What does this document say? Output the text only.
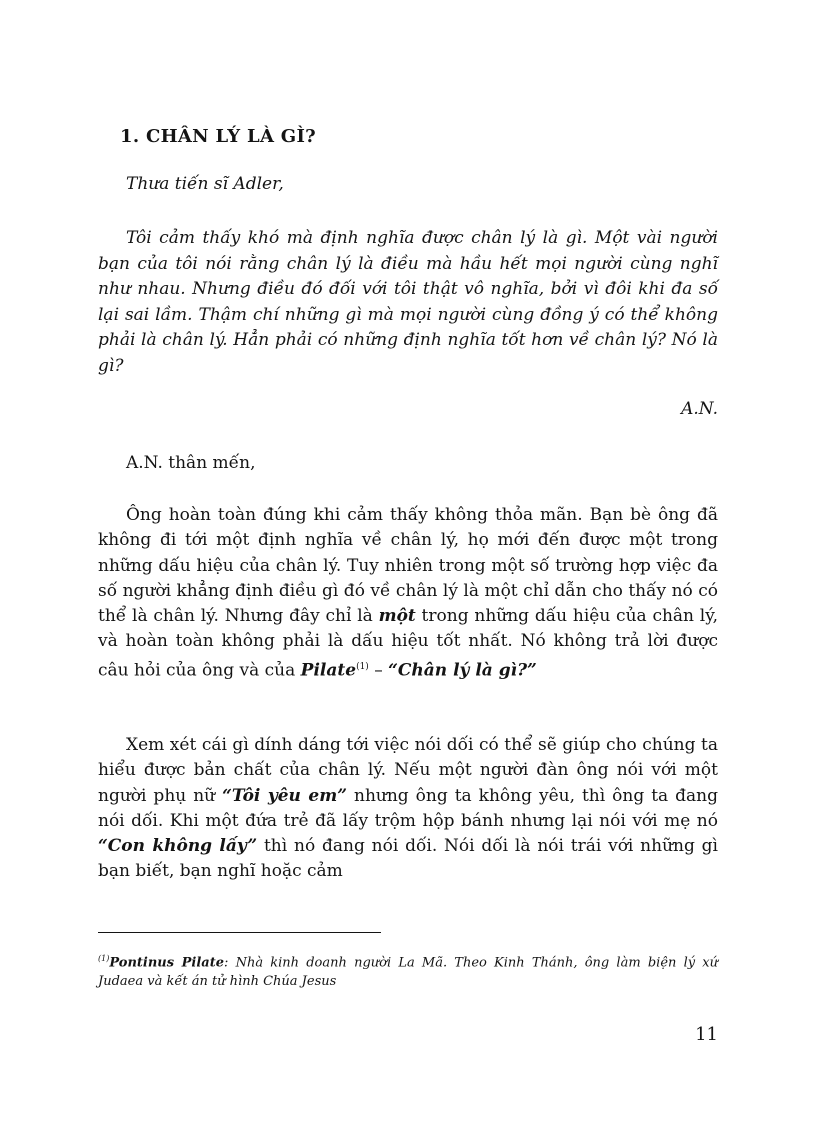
1. CHÂN LÝ LÀ GÌ?
Thưa tiến sĩ Adler,

Tôi cảm thấy khó mà định nghĩa được chân lý là gì. Một vài người bạn của tôi nói rằng chân lý là điều mà hầu hết mọi người cùng nghĩ như nhau. Nhưng điều đó đối với tôi thật vô nghĩa, bởi vì đôi khi đa số lại sai lầm. Thậm chí những gì mà mọi người cùng đồng ý có thể không phải là chân lý. Hẳn phải có những định nghĩa tốt hơn về chân lý? Nó là gì?

A.N.
A.N. thân mến,

Ông hoàn toàn đúng khi cảm thấy không thỏa mãn. Bạn bè ông đã không đi tới một định nghĩa về chân lý, họ mới đến được một trong những dấu hiệu của chân lý. Tuy nhiên trong một số trường hợp việc đa số người khẳng định điều gì đó về chân lý là một chỉ dẫn cho thấy nó có thể là chân lý. Nhưng đây chỉ là một trong những dấu hiệu của chân lý, và hoàn toàn không phải là dấu hiệu tốt nhất. Nó không trả lời được câu hỏi của ông và của Pilate$^{(1)}$ – “Chân lý là gì?”

Xem xét cái gì dính dáng tới việc nói dối có thể sẽ giúp cho chúng ta hiểu được bản chất của chân lý. Nếu một người đàn ông nói với một người phụ nữ “Tôi yêu em” nhưng ông ta không yêu, thì ông ta đang nói dối. Khi một đứa trẻ đã lấy trộm hộp bánh nhưng lại nói với mẹ nó “Con không lấy” thì nó đang nói dối. Nói dối là nói trái với những gì bạn biết, bạn nghĩ hoặc cảm

$^{(1)}$Pontinus Pilate: Nhà kinh doanh người La Mã. Theo Kinh Thánh, ông làm biện lý xứ Judaea và kết án tử hình Chúa Jesus

11
